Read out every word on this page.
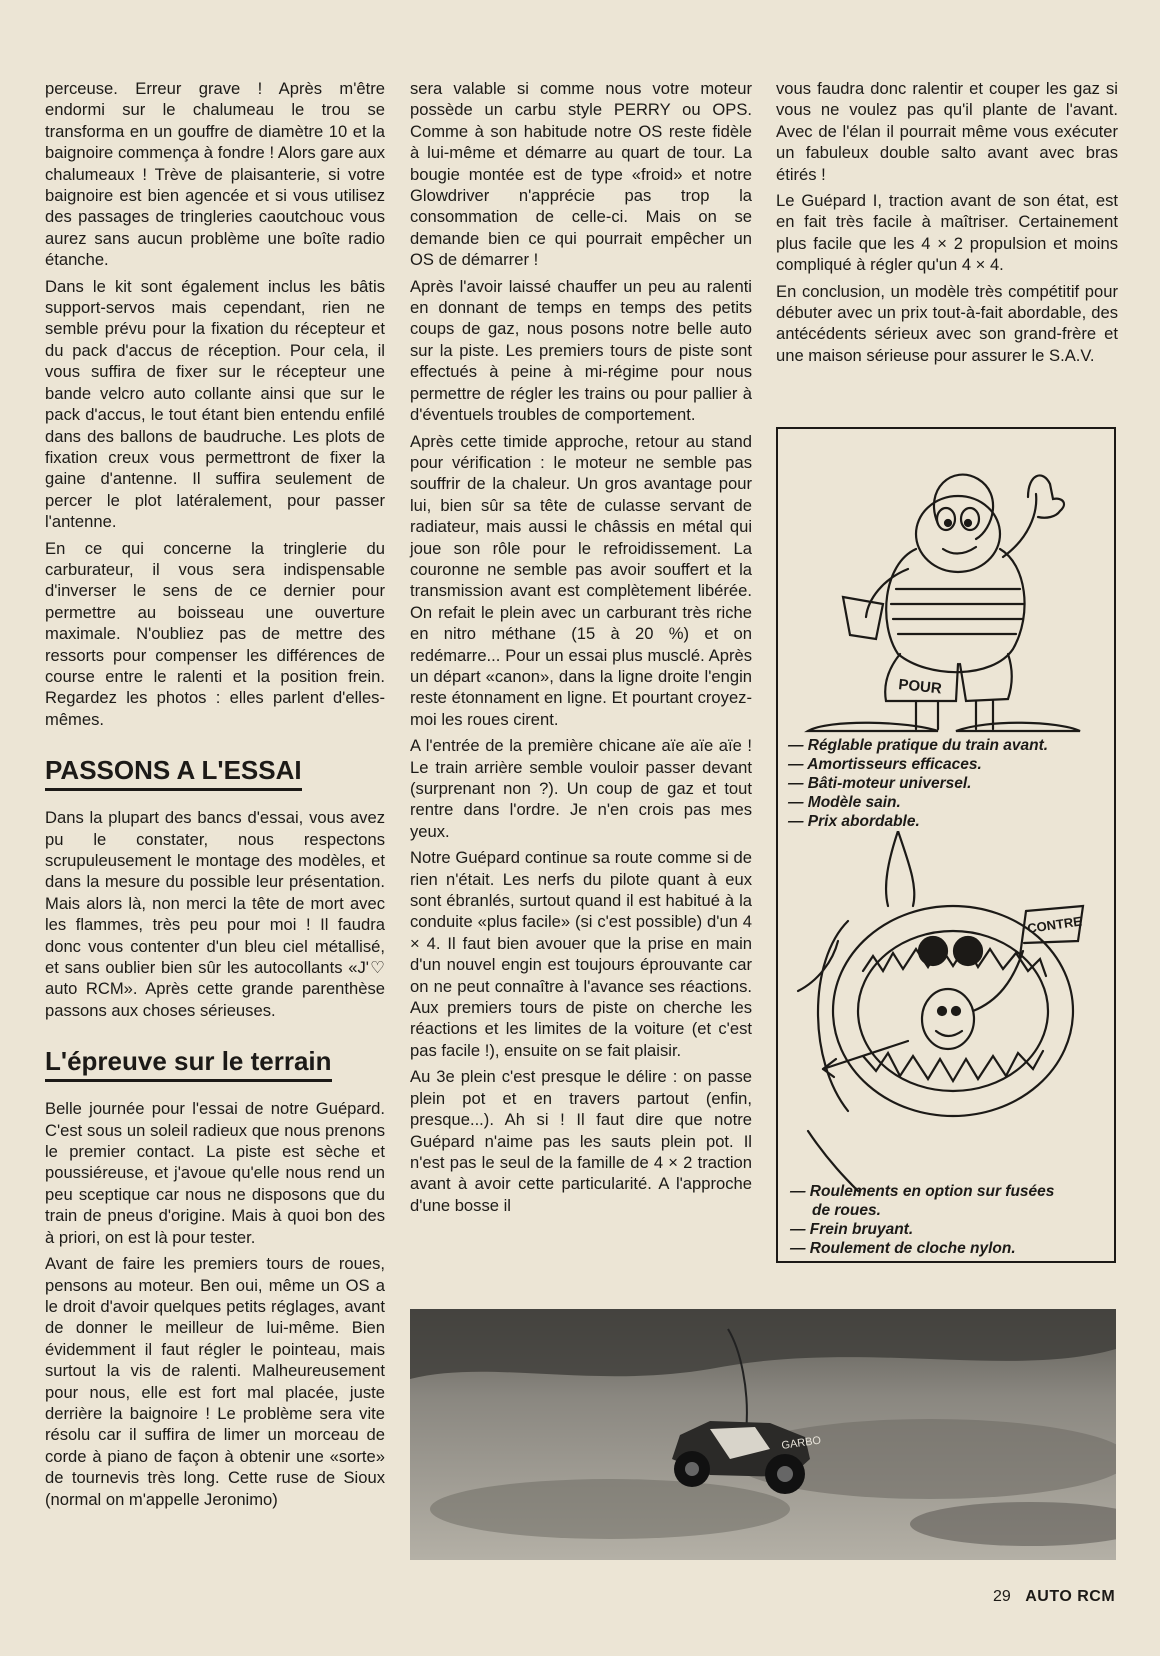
perceuse. Erreur grave ! Après m'être endormi sur le chalumeau le trou se transforma en un gouffre de diamètre 10 et la baignoire commença à fondre ! Alors gare aux chalumeaux ! Trève de plaisanterie, si votre baignoire est bien agencée et si vous utilisez des passages de tringleries caoutchouc vous aurez sans aucun problème une boîte radio étanche.

Dans le kit sont également inclus les bâtis support-servos mais cependant, rien ne semble prévu pour la fixation du récepteur et du pack d'accus de réception. Pour cela, il vous suffira de fixer sur le récepteur une bande velcro auto collante ainsi que sur le pack d'accus, le tout étant bien entendu enfilé dans des ballons de baudruche. Les plots de fixation creux vous permettront de fixer la gaine d'antenne. Il suffira seulement de percer le plot latéralement, pour passer l'antenne.

En ce qui concerne la tringlerie du carburateur, il vous sera indispensable d'inverser le sens de ce dernier pour permettre au boisseau une ouverture maximale. N'oubliez pas de mettre des ressorts pour compenser les différences de course entre le ralenti et la position frein. Regardez les photos : elles parlent d'elles-mêmes.

PASSONS A L'ESSAI

Dans la plupart des bancs d'essai, vous avez pu le constater, nous respectons scrupuleusement le montage des modèles, et dans la mesure du possible leur présentation. Mais alors là, non merci la tête de mort avec les flammes, très peu pour moi ! Il faudra donc vous contenter d'un bleu ciel métallisé, et sans oublier bien sûr les autocollants «J'♡ auto RCM». Après cette grande parenthèse passons aux choses sérieuses.

L'épreuve sur le terrain

Belle journée pour l'essai de notre Guépard. C'est sous un soleil radieux que nous prenons le premier contact. La piste est sèche et poussiéreuse, et j'avoue qu'elle nous rend un peu sceptique car nous ne disposons que du train de pneus d'origine. Mais à quoi bon des à priori, on est là pour tester.

Avant de faire les premiers tours de roues, pensons au moteur. Ben oui, même un OS a le droit d'avoir quelques petits réglages, avant de donner le meilleur de lui-même. Bien évidemment il faut régler le pointeau, mais surtout la vis de ralenti. Malheureusement pour nous, elle est fort mal placée, juste derrière la baignoire ! Le problème sera vite résolu car il suffira de limer un morceau de corde à piano de façon à obtenir une «sorte» de tournevis très long. Cette ruse de Sioux (normal on m'appelle Jeronimo)

sera valable si comme nous votre moteur possède un carbu style PERRY ou OPS. Comme à son habitude notre OS reste fidèle à lui-même et démarre au quart de tour. La bougie montée est de type «froid» et notre Glowdriver n'apprécie pas trop la consommation de celle-ci. Mais on se demande bien ce qui pourrait empêcher un OS de démarrer !

Après l'avoir laissé chauffer un peu au ralenti en donnant de temps en temps des petits coups de gaz, nous posons notre belle auto sur la piste. Les premiers tours de piste sont effectués à peine à mi-régime pour nous permettre de régler les trains ou pour pallier à d'éventuels troubles de comportement.

Après cette timide approche, retour au stand pour vérification : le moteur ne semble pas souffrir de la chaleur. Un gros avantage pour lui, bien sûr sa tête de culasse servant de radiateur, mais aussi le châssis en métal qui joue son rôle pour le refroidissement. La couronne ne semble pas avoir souffert et la transmission avant est complètement libérée. On refait le plein avec un carburant très riche en nitro méthane (15 à 20 %) et on redémarre... Pour un essai plus musclé. Après un départ «canon», dans la ligne droite l'engin reste étonnament en ligne. Et pourtant croyez-moi les roues cirent.

A l'entrée de la première chicane aïe aïe aïe ! Le train arrière semble vouloir passer devant (surprenant non ?). Un coup de gaz et tout rentre dans l'ordre. Je n'en crois pas mes yeux.

Notre Guépard continue sa route comme si de rien n'était. Les nerfs du pilote quant à eux sont ébranlés, surtout quand il est habitué à la conduite «plus facile» (si c'est possible) d'un 4 × 4. Il faut bien avouer que la prise en main d'un nouvel engin est toujours éprouvante car on ne peut connaître à l'avance ses réactions. Aux premiers tours de piste on cherche les réactions et les limites de la voiture (et c'est pas facile !), ensuite on se fait plaisir.

Au 3e plein c'est presque le délire : on passe plein pot et en travers partout (enfin, presque...). Ah si ! Il faut dire que notre Guépard n'aime pas les sauts plein pot. Il n'est pas le seul de la famille de 4 × 2 traction avant à avoir cette particularité. A l'approche d'une bosse il

vous faudra donc ralentir et couper les gaz si vous ne voulez pas qu'il plante de l'avant. Avec de l'élan il pourrait même vous exécuter un fabuleux double salto avant avec bras étirés !

Le Guépard I, traction avant de son état, est en fait très facile à maîtriser. Certainement plus facile que les 4 × 2 propulsion et moins compliqué à régler qu'un 4 × 4.

En conclusion, un modèle très compétitif pour débuter avec un prix tout-à-fait abordable, des antécédents sérieux avec son grand-frère et une maison sérieuse pour assurer le S.A.V.

POUR
— Réglable pratique du train avant.
— Amortisseurs efficaces.
— Bâti-moteur universel.
— Modèle sain.
— Prix abordable.
CONTRE
— Roulements en option sur fusées
de roues.
— Frein bruyant.
— Roulement de cloche nylon.
GARBO
29 AUTO RCM
